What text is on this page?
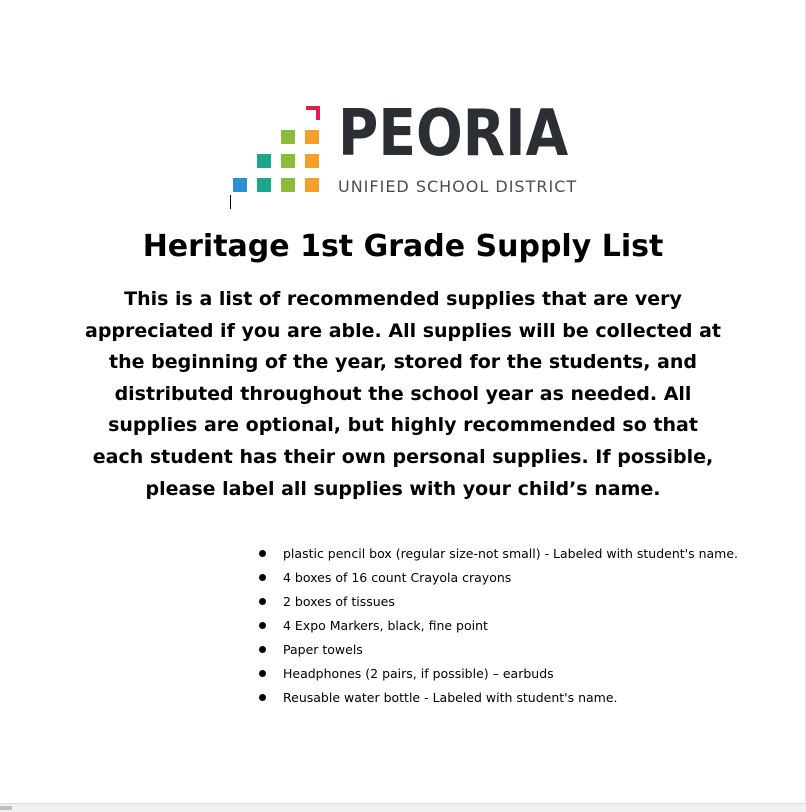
PEORIA
UNIFIED SCHOOL DISTRICT
Heritage 1st Grade Supply List
This is a list of recommended supplies that are very appreciated if you are able. All supplies will be collected at the beginning of the year, stored for the students, and distributed throughout the school year as needed. All supplies are optional, but highly recommended so that each student has their own personal supplies. If possible, please label all supplies with your child’s name.
plastic pencil box (regular size-not small) - Labeled with student's name.
4 boxes of 16 count Crayola crayons
2 boxes of tissues
4 Expo Markers, black, fine point
Paper towels
Headphones (2 pairs, if possible) – earbuds
Reusable water bottle - Labeled with student's name.
